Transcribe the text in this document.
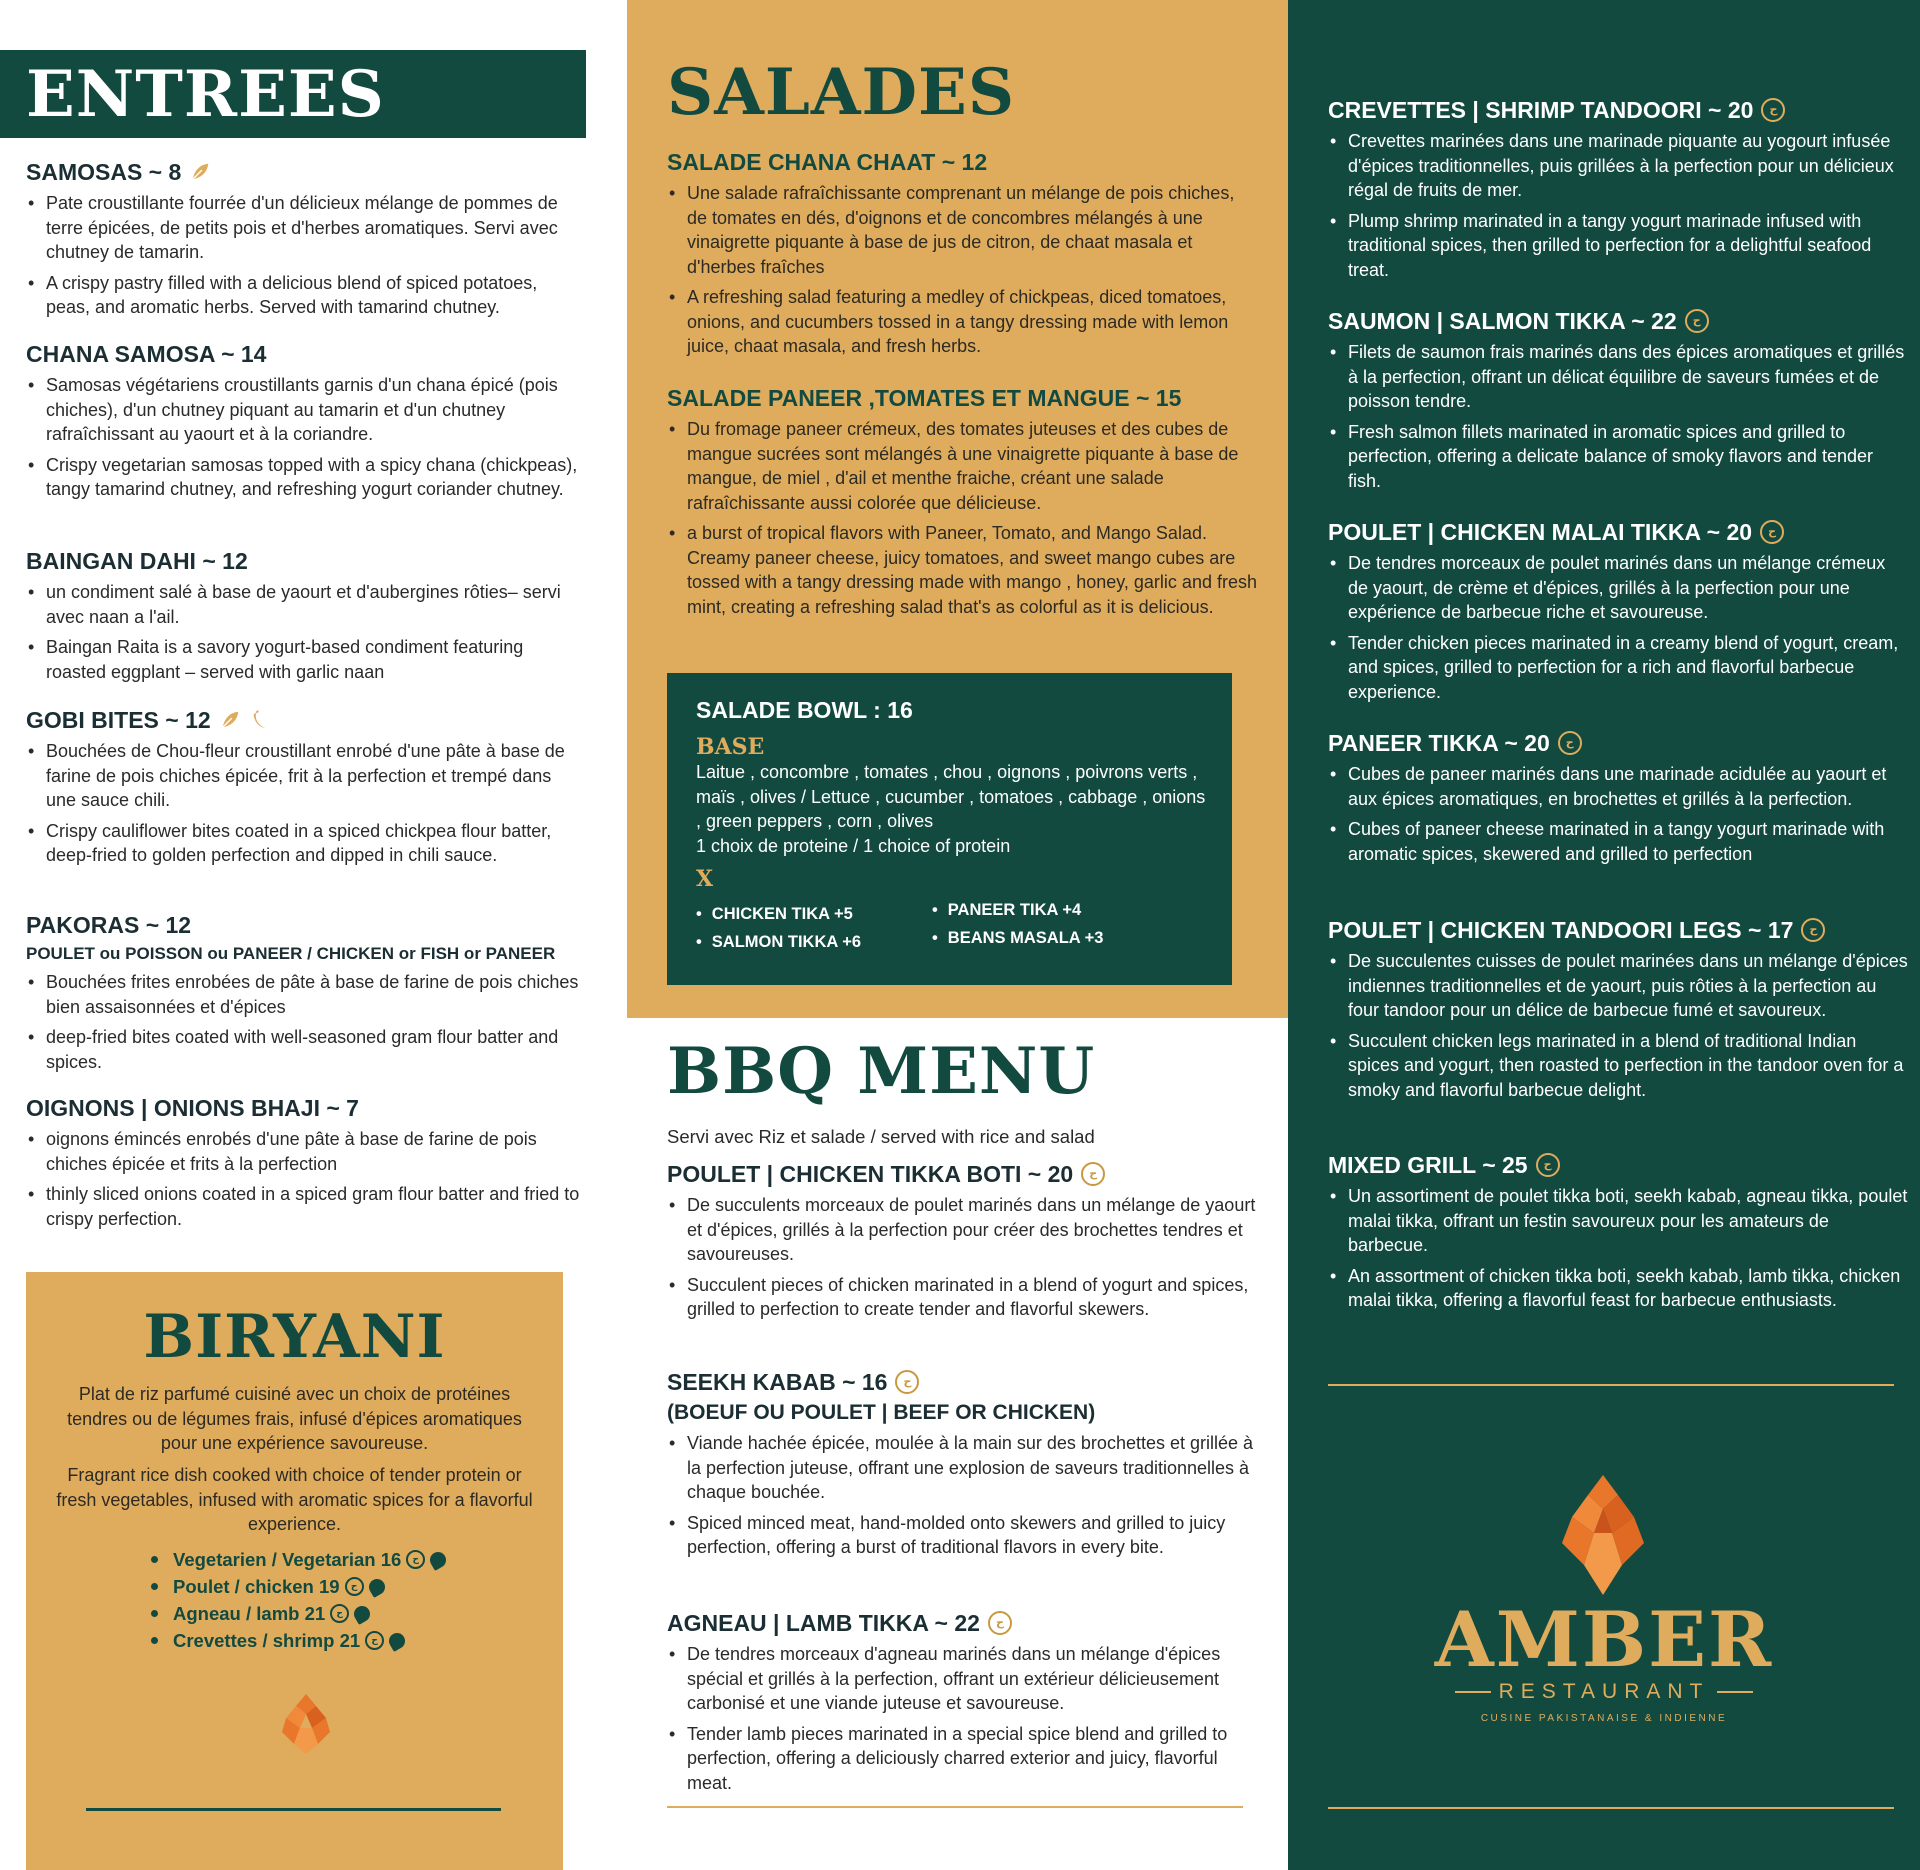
ENTREES
SAMOSAS ~ 8
• Pate croustillante fourrée d'un délicieux mélange de pommes de terre épicées, de petits pois et d'herbes aromatiques. Servi avec chutney de tamarin.
• A crispy pastry filled with a delicious blend of spiced potatoes, peas, and aromatic herbs. Served with tamarind chutney.
CHANA SAMOSA ~ 14
• Samosas végétariens croustillants garnis d'un chana épicé (pois chiches), d'un chutney piquant au tamarin et d'un chutney rafraîchissant au yaourt et à la coriandre.
• Crispy vegetarian samosas topped with a spicy chana (chickpeas), tangy tamarind chutney, and refreshing yogurt coriander chutney.
BAINGAN DAHI ~ 12
• un condiment salé à base de yaourt et d'aubergines rôties– servi avec naan a l'ail.
• Baingan Raita is a savory yogurt-based condiment featuring roasted eggplant – served with garlic naan
GOBI BITES ~ 12
• Bouchées de Chou-fleur croustillant enrobé d'une pâte à base de farine de pois chiches épicée, frit à la perfection et trempé dans une sauce chili.
• Crispy cauliflower bites coated in a spiced chickpea flour batter, deep-fried to golden perfection and dipped in chili sauce.
PAKORAS ~ 12
POULET ou POISSON ou PANEER / CHICKEN or FISH or PANEER
• Bouchées frites enrobées de pâte à base de farine de pois chiches bien assaisonnées et d'épices
• deep-fried bites coated with well-seasoned gram flour batter and spices.
OIGNONS | ONIONS BHAJI ~ 7
• oignons émincés enrobés d'une pâte à base de farine de pois chiches épicée et frits à la perfection
• thinly sliced onions coated in a spiced gram flour batter and fried to crispy perfection.
BIRYANI
Plat de riz parfumé cuisiné avec un choix de protéines tendres ou de légumes frais, infusé d'épices aromatiques pour une expérience savoureuse.
Fragrant rice dish cooked with choice of tender protein or fresh vegetables, infused with aromatic spices for a flavorful experience.
Vegetarien / Vegetarian 16	ح
Poulet / chicken 19	ح
Agneau / lamb 21	ح
Crevettes / shrimp 21	ح
SALADES
SALADE CHANA CHAAT ~ 12
• Une salade rafraîchissante comprenant un mélange de pois chiches, de tomates en dés, d'oignons et de concombres mélangés à une vinaigrette piquante à base de jus de citron, de chaat masala et d'herbes fraîches
• A refreshing salad featuring a medley of chickpeas, diced tomatoes, onions, and cucumbers tossed in a tangy dressing made with lemon juice, chaat masala, and fresh herbs.
SALADE PANEER ,TOMATES ET MANGUE ~ 15
• Du fromage paneer crémeux, des tomates juteuses et des cubes de mangue sucrées sont mélangés à une vinaigrette piquante à base de mangue, de miel , d'ail et menthe fraiche, créant une salade rafraîchissante aussi colorée que délicieuse.
• a burst of tropical flavors with Paneer, Tomato, and Mango Salad. Creamy paneer cheese, juicy tomatoes, and sweet mango cubes are tossed with a tangy dressing made with mango , honey, garlic and fresh mint, creating a refreshing salad that's as colorful as it is delicious.
SALADE BOWL : 16
BASE
Laitue , concombre , tomates , chou , oignons , poivrons verts , maïs , olives / Lettuce , cucumber , tomatoes , cabbage , onions , green peppers , corn , olives
1 choix de proteine / 1 choice of protein
X
• CHICKEN TIKA +5
• SALMON TIKKA +6
• PANEER TIKA +4
• BEANS MASALA +3
BBQ MENU
Servi avec Riz et salade / served with rice and salad
POULET | CHICKEN TIKKA BOTI ~ 20	ح
• De succulents morceaux de poulet marinés dans un mélange de yaourt et d'épices, grillés à la perfection pour créer des brochettes tendres et savoureuses.
• Succulent pieces of chicken marinated in a blend of yogurt and spices, grilled to perfection to create tender and flavorful skewers.
SEEKH KABAB ~ 16	ح
(BOEUF OU POULET | BEEF OR CHICKEN)
• Viande hachée épicée, moulée à la main sur des brochettes et grillée à la perfection juteuse, offrant une explosion de saveurs traditionnelles à chaque bouchée.
• Spiced minced meat, hand-molded onto skewers and grilled to juicy perfection, offering a burst of traditional flavors in every bite.
AGNEAU | LAMB TIKKA ~ 22	ح
• De tendres morceaux d'agneau marinés dans un mélange d'épices spécial et grillés à la perfection, offrant un extérieur délicieusement carbonisé et une viande juteuse et savoureuse.
• Tender lamb pieces marinated in a special spice blend and grilled to perfection, offering a deliciously charred exterior and juicy, flavorful meat.
CREVETTES | SHRIMP TANDOORI ~ 20	ح
• Crevettes marinées dans une marinade piquante au yogourt infusée d'épices traditionnelles, puis grillées à la perfection pour un délicieux régal de fruits de mer.
• Plump shrimp marinated in a tangy yogurt marinade infused with traditional spices, then grilled to perfection for a delightful seafood treat.
SAUMON | SALMON TIKKA ~ 22	ح
• Filets de saumon frais marinés dans des épices aromatiques et grillés à la perfection, offrant un délicat équilibre de saveurs fumées et de poisson tendre.
• Fresh salmon fillets marinated in aromatic spices and grilled to perfection, offering a delicate balance of smoky flavors and tender fish.
POULET | CHICKEN MALAI TIKKA ~ 20	ح
• De tendres morceaux de poulet marinés dans un mélange crémeux de yaourt, de crème et d'épices, grillés à la perfection pour une expérience de barbecue riche et savoureuse.
• Tender chicken pieces marinated in a creamy blend of yogurt, cream, and spices, grilled to perfection for a rich and flavorful barbecue experience.
PANEER TIKKA ~ 20	ح
• Cubes de paneer marinés dans une marinade acidulée au yaourt et aux épices aromatiques, en brochettes et grillés à la perfection.
• Cubes of paneer cheese marinated in a tangy yogurt marinade with aromatic spices, skewered and grilled to perfection
POULET | CHICKEN TANDOORI LEGS ~ 17	ح
• De succulentes cuisses de poulet marinées dans un mélange d'épices indiennes traditionnelles et de yaourt, puis rôties à la perfection au four tandoor pour un délice de barbecue fumé et savoureux.
• Succulent chicken legs marinated in a blend of traditional Indian spices and yogurt, then roasted to perfection in the tandoor oven for a smoky and flavorful barbecue delight.
MIXED GRILL ~ 25	ح
• Un assortiment de poulet tikka boti, seekh kabab, agneau tikka, poulet malai tikka, offrant un festin savoureux pour les amateurs de barbecue.
• An assortment of chicken tikka boti, seekh kabab, lamb tikka, chicken malai tikka, offering a flavorful feast for barbecue enthusiasts.
AMBER
RESTAURANT
CUSINE PAKISTANAISE & INDIENNE
